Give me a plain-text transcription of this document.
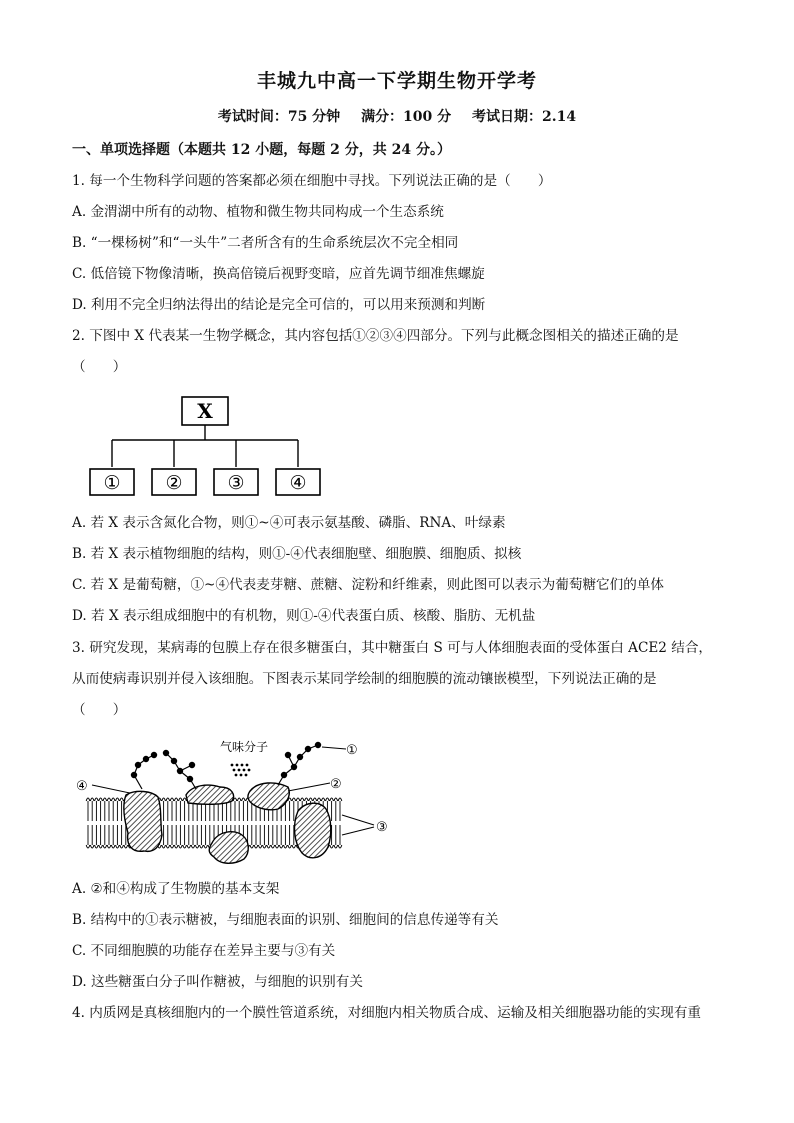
丰城九中高一下学期生物开学考
考试时间：75 分钟 满分：100 分 考试日期：2.14
一、单项选择题（本题共 12 小题，每题 2 分，共 24 分。）
1. 每一个生物科学问题的答案都必须在细胞中寻找。下列说法正确的是（　　）
A. 金渭湖中所有的动物、植物和微生物共同构成一个生态系统
B. “一棵杨树”和“一头牛”二者所含有的生命系统层次不完全相同
C. 低倍镜下物像清晰，换高倍镜后视野变暗，应首先调节细准焦螺旋
D. 利用不完全归纳法得出的结论是完全可信的，可以用来预测和判断
2. 下图中 X 代表某一生物学概念，其内容包括①②③④四部分。下列与此概念图相关的描述正确的是
（　　）
X
① ② ③ ④
A. 若 X 表示含氮化合物，则①~④可表示氨基酸、磷脂、RNA、叶绿素
B. 若 X 表示植物细胞的结构，则①-④代表细胞壁、细胞膜、细胞质、拟核
C. 若 X 是葡萄糖，①~④代表麦芽糖、蔗糖、淀粉和纤维素，则此图可以表示为葡萄糖它们的单体
D. 若 X 表示组成细胞中的有机物，则①-④代表蛋白质、核酸、脂肪、无机盐
3. 研究发现，某病毒的包膜上存在很多糖蛋白，其中糖蛋白 S 可与人体细胞表面的受体蛋白 ACE2 结合，
从而使病毒识别并侵入该细胞。下图表示某同学绘制的细胞膜的流动镶嵌模型，下列说法正确的是
（　　）
气味分子	①
②
③
④
A. ②和④构成了生物膜的基本支架
B. 结构中的①表示糖被，与细胞表面的识别、细胞间的信息传递等有关
C. 不同细胞膜的功能存在差异主要与③有关
D. 这些糖蛋白分子叫作糖被，与细胞的识别有关
4. 内质网是真核细胞内的一个膜性管道系统，对细胞内相关物质合成、运输及相关细胞器功能的实现有重
